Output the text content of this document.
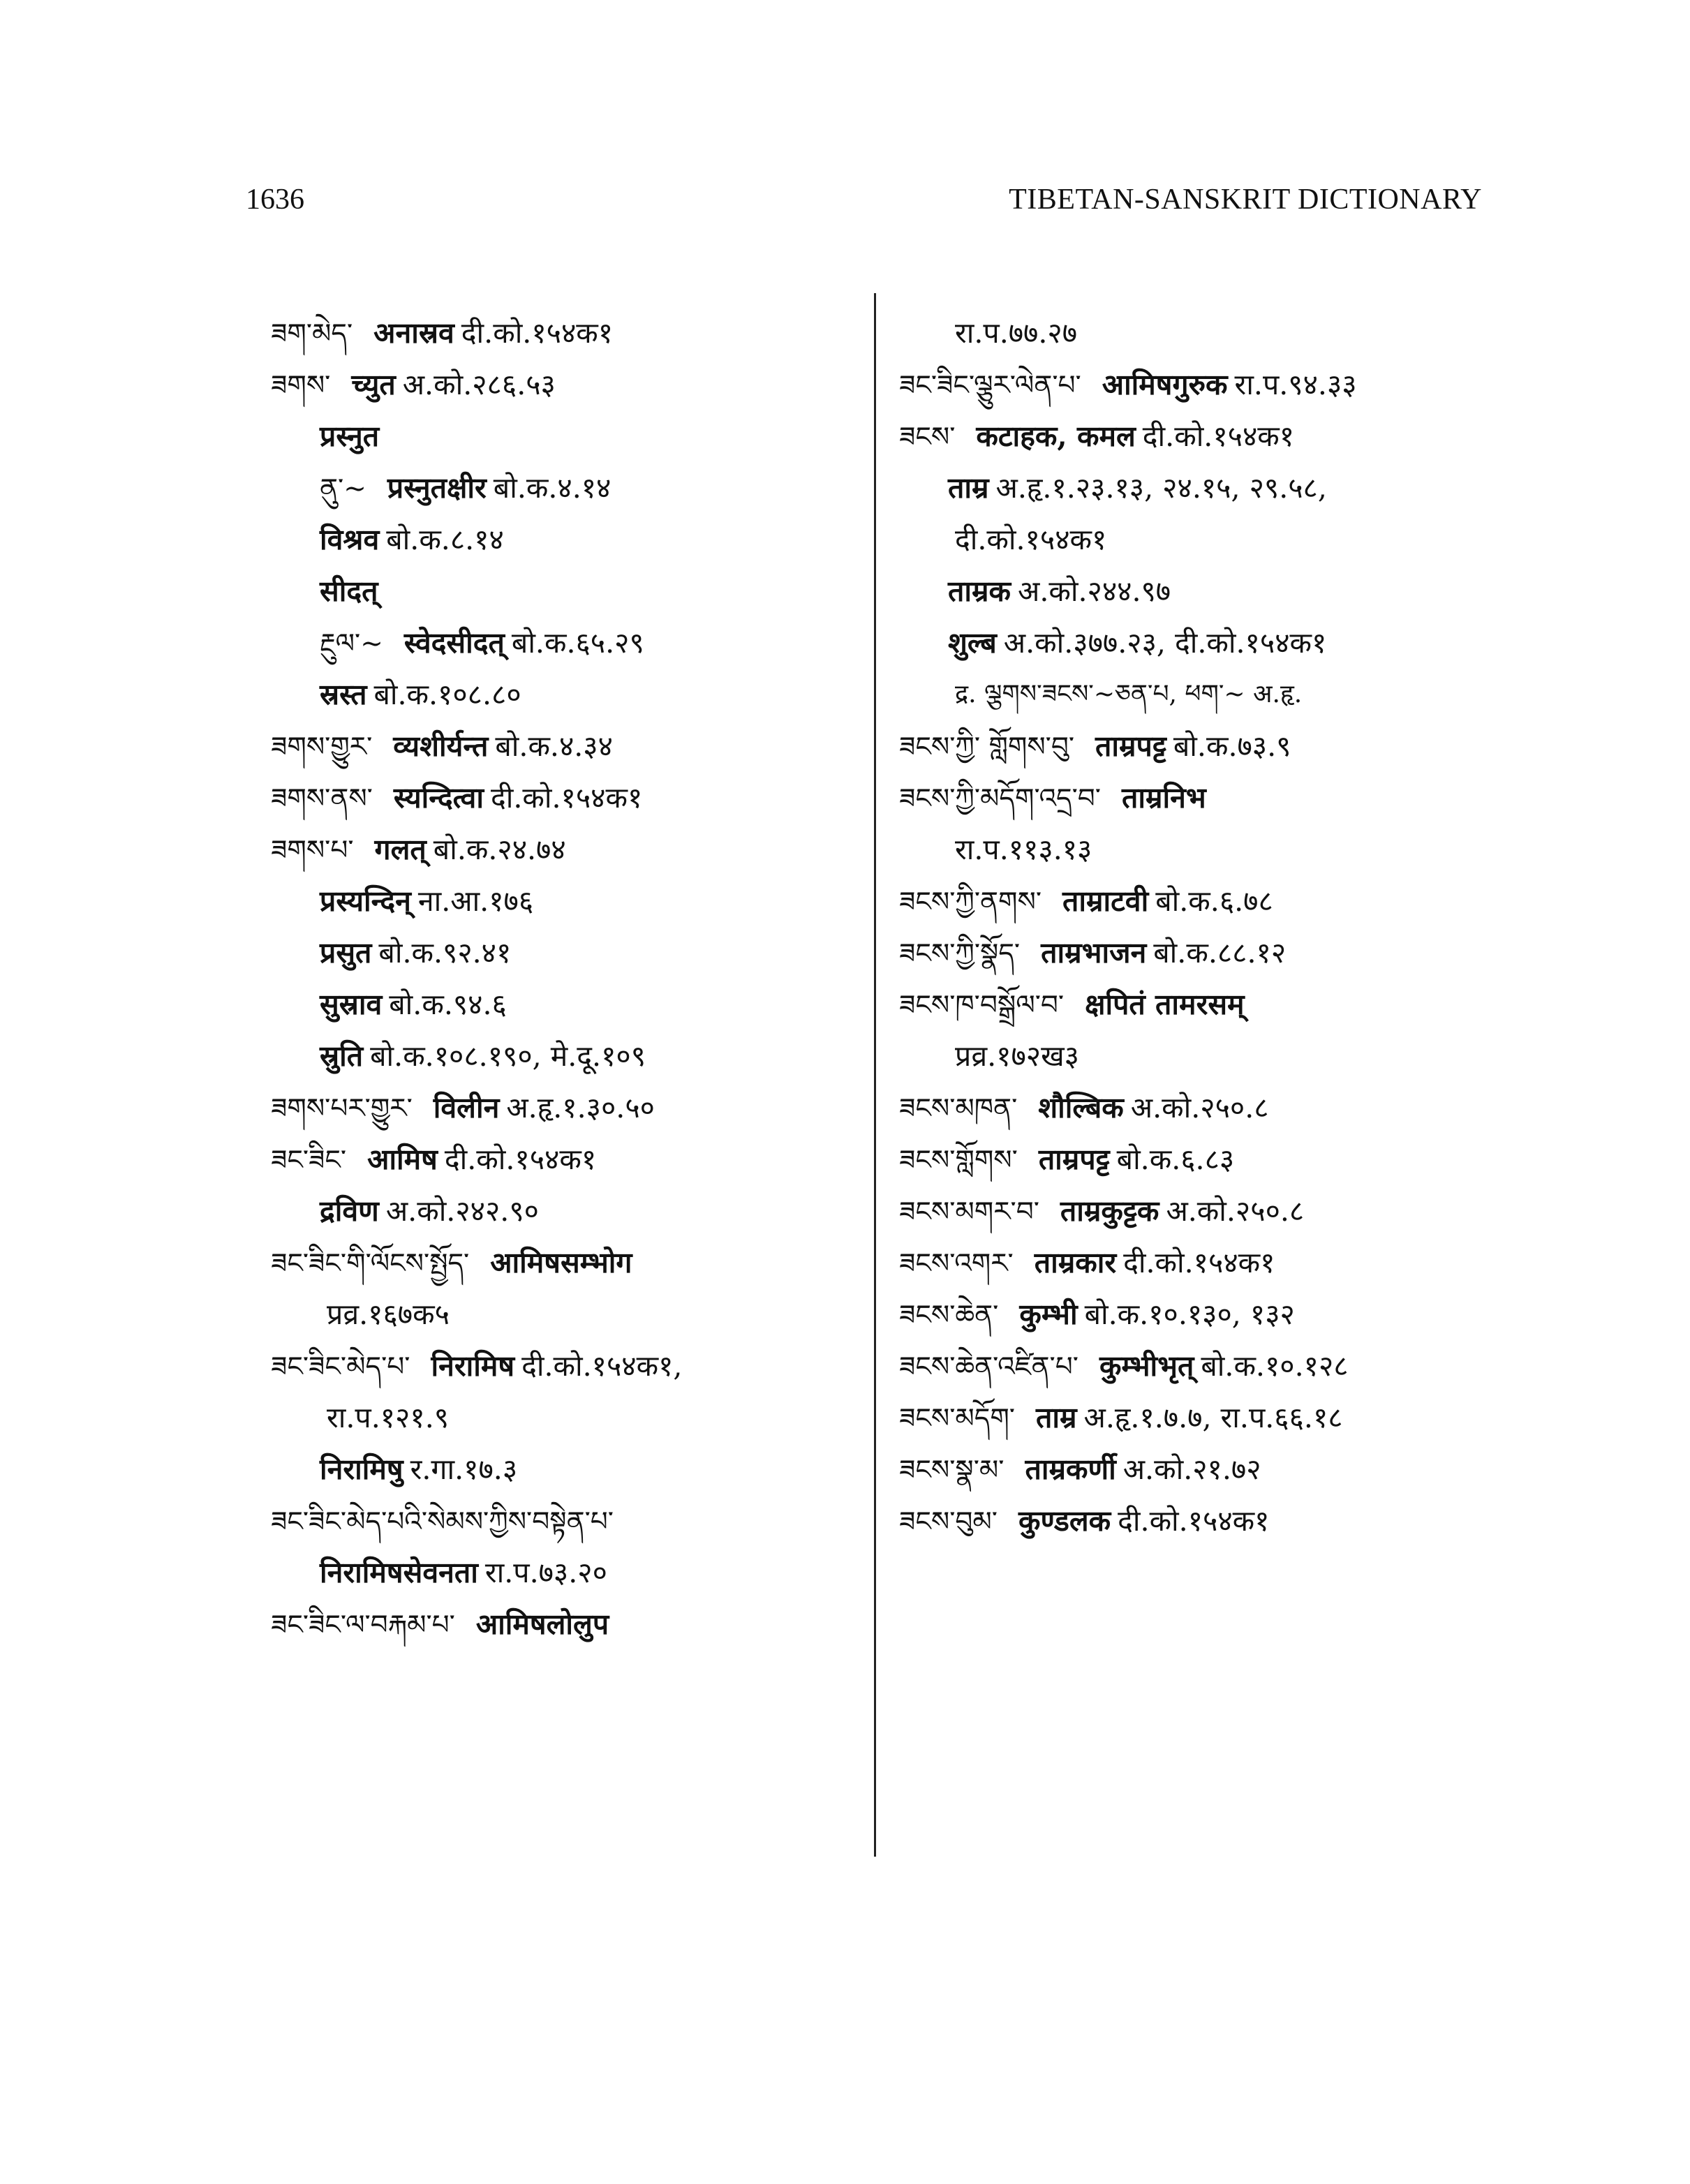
1636	TIBETAN-SANSKRIT DICTIONARY
ཟག་མེད་ अनास्रव दी.को.१५४क१
ཟགས་ च्युत अ.को.२८६.५३
प्रस्नुत
ནུ་~ प्रस्नुतक्षीर बो.क.४.१४
विश्रव बो.क.८.१४
सीदत्
རྔུལ་~ स्वेदसीदत् बो.क.६५.२९
स्रस्त बो.क.१०८.८०
ཟགས་གྱུར་ व्यशीर्यन्त बो.क.४.३४
ཟགས་ནས་ स्यन्दित्वा दी.को.१५४क१
ཟགས་པ་ गलत् बो.क.२४.७४
प्रस्यन्दिन् ना.आ.१७६
प्रसुत बो.क.९२.४१
सुस्राव बो.क.९४.६
स्रुति बो.क.१०८.१९०, मे.दू.१०९
ཟགས་པར་གྱུར་ विलीन अ.हृ.१.३०.५०
ཟང་ཟིང་ आमिष दी.को.१५४क१
द्रविण अ.को.२४२.९०
ཟང་ཟིང་གི་ལོངས་སྤྱོད་ आमिषसम्भोग
प्रव्र.१६७क५
ཟང་ཟིང་མེད་པ་ निरामिष दी.को.१५४क१,
रा.प.१२१.९
निरामिषु र.गा.१७.३
ཟང་ཟིང་མེད་པའི་སེམས་ཀྱིས་བསྟེན་པ་
निरामिषसेवनता रा.प.७३.२०
ཟང་ཟིང་ལ་བརྐམ་པ་ आमिषलोलुप
रा.प.७७.२७
ཟང་ཟིང་ལྕུར་ལེན་པ་ आमिषगुरुक रा.प.९४.३३
ཟངས་ कटाहक, कमल दी.को.१५४क१
ताम्र अ.हृ.१.२३.१३, २४.१५, २९.५८,
दी.को.१५४क१
ताम्रक अ.को.२४४.९७
शुल्ब अ.को.३७७.२३, दी.को.१५४क१
द्र. ལྕགས་ཟངས་~ཅན་པ, ཕག་~ अ.हृ.
ཟངས་ཀྱི་ གློགས་བུ་ ताम्रपट्ट बो.क.७३.९
ཟངས་ཀྱི་མདོག་འདྲ་བ་ ताम्रनिभ
रा.प.११३.१३
ཟངས་ཀྱི་ནགས་ ताम्राटवी बो.क.६.७८
ཟངས་ཀྱི་སྣོད་ ताम्रभाजन बो.क.८८.१२
ཟངས་ཁ་བསྒྲོལ་བ་ क्षपितं तामरसम्
प्रव्र.१७२ख३
ཟངས་མཁན་ शौल्बिक अ.को.२५०.८
ཟངས་གློགས་ ताम्रपट्ट बो.क.६.८३
ཟངས་མགར་བ་ ताम्रकुट्टक अ.को.२५०.८
ཟངས་འགར་ ताम्रकार दी.को.१५४क१
ཟངས་ཆེན་ कुम्भी बो.क.१०.१३०, १३२
ཟངས་ཆེན་འཛིན་པ་ कुम्भीभृत् बो.क.१०.१२८
ཟངས་མདོག་ ताम्र अ.हृ.१.७.७, रा.प.६६.१८
ཟངས་སྣ་མ་ ताम्रकर्णी अ.को.२१.७२
ཟངས་བུམ་ कुण्डलक दी.को.१५४क१
